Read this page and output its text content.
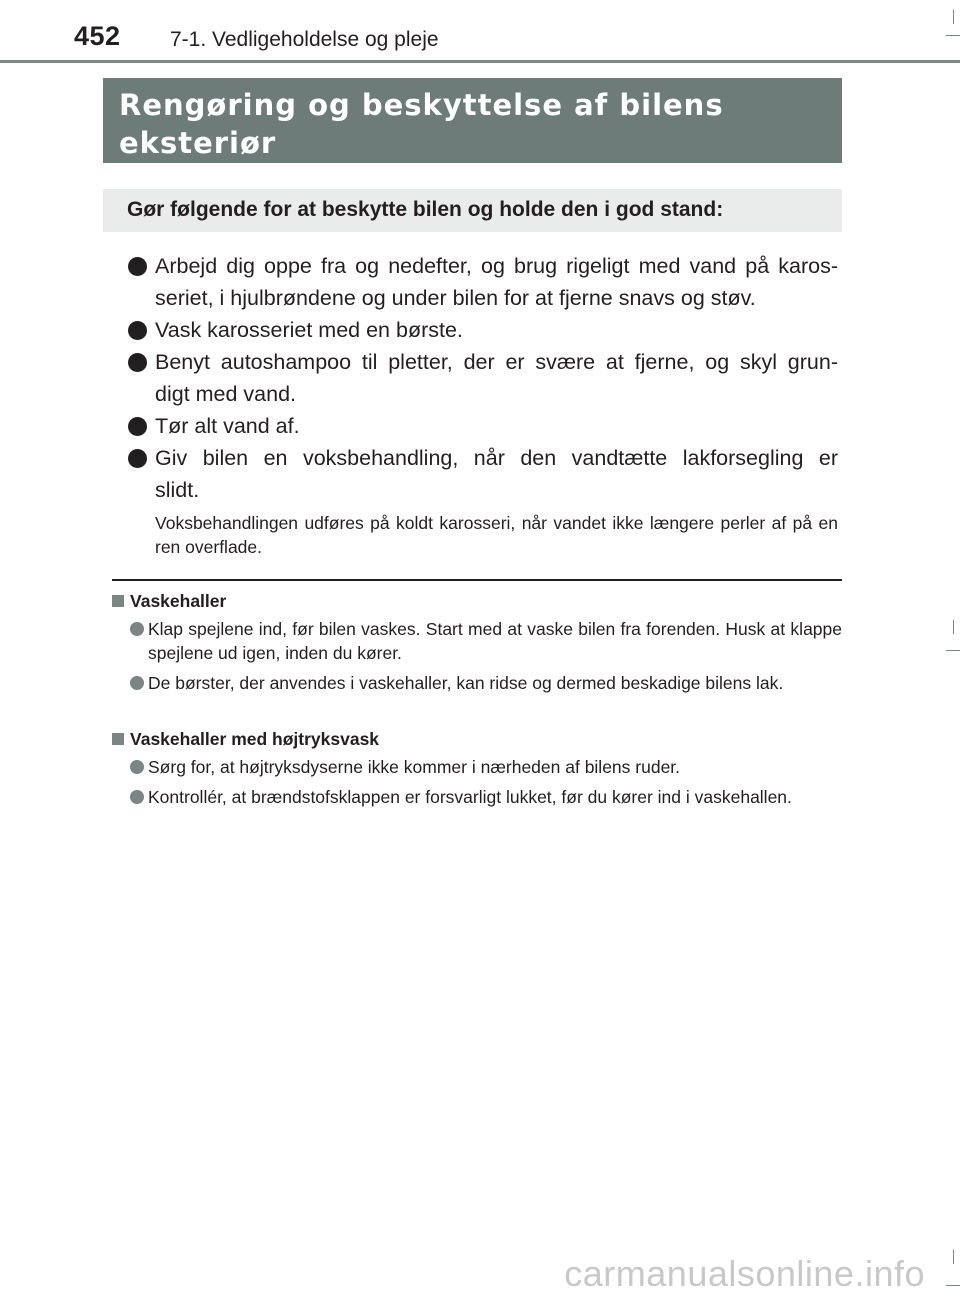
452 7-1. Vedligeholdelse og pleje
Rengøring og beskyttelse af bilens
eksteriør
Gør følgende for at beskytte bilen og holde den i god stand:
Arbejd dig oppe fra og nedefter, og brug rigeligt med vand på karos-
seriet, i hjulbrøndene og under bilen for at fjerne snavs og støv.
Vask karosseriet med en børste.
Benyt autoshampoo til pletter, der er svære at fjerne, og skyl grun-
digt med vand.
Tør alt vand af.
Giv bilen en voksbehandling, når den vandtætte lakforsegling er
slidt.
Voksbehandlingen udføres på koldt karosseri, når vandet ikke længere perler af på en ren overflade.
Vaskehaller
Klap spejlene ind, før bilen vaskes. Start med at vaske bilen fra forenden. Husk at klappe spejlene ud igen, inden du kører.
De børster, der anvendes i vaskehaller, kan ridse og dermed beskadige bilens lak.
Vaskehaller med højtryksvask
Sørg for, at højtryksdyserne ikke kommer i nærheden af bilens ruder.
Kontrollér, at brændstofsklappen er forsvarligt lukket, før du kører ind i vaskehallen.
carmanualsonline.info
